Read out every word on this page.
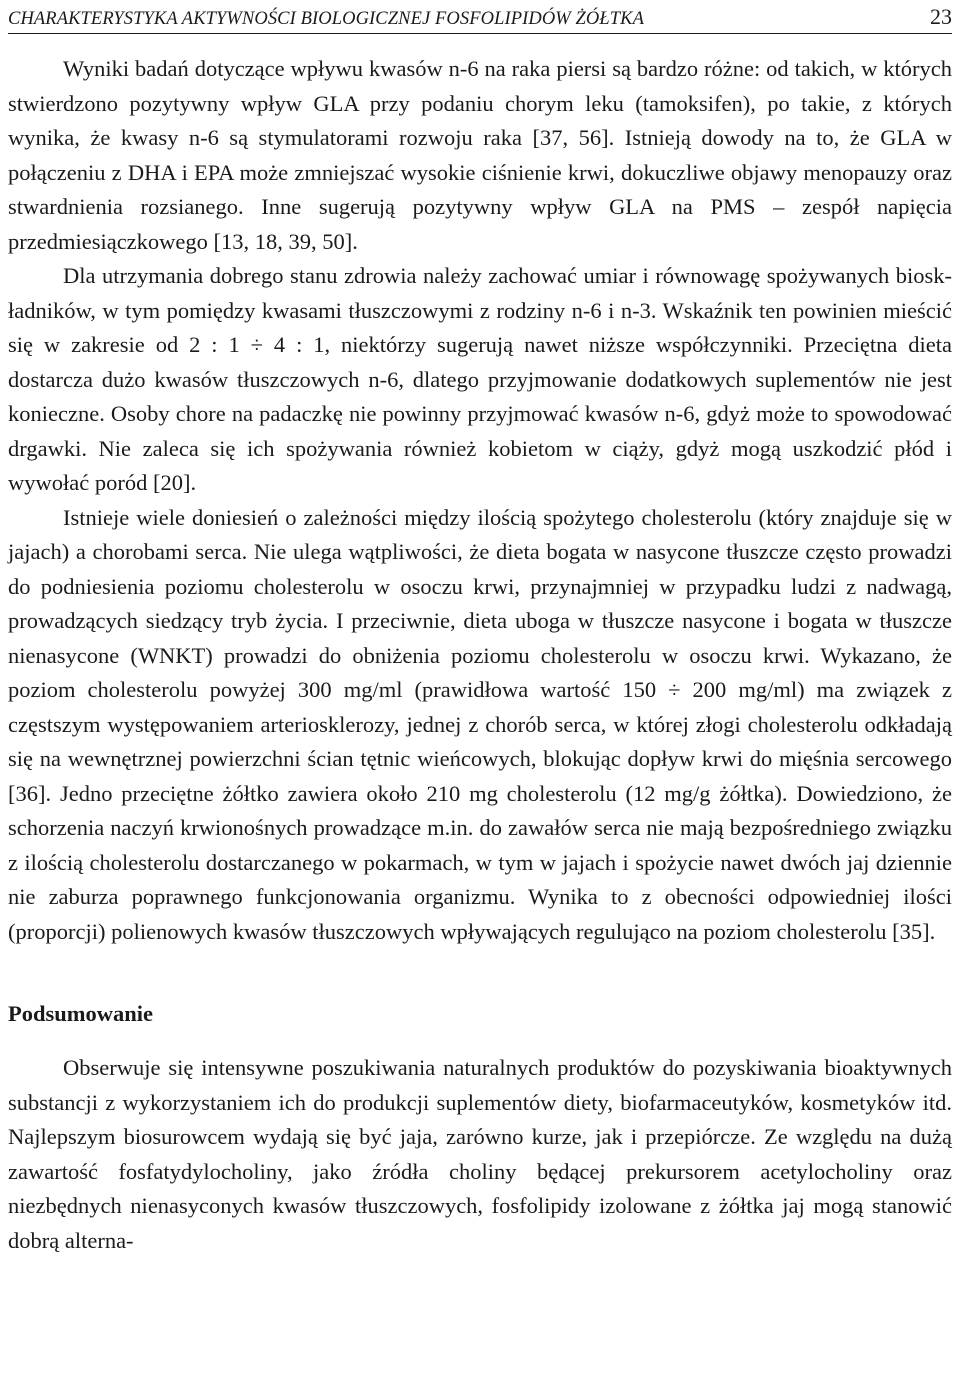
CHARAKTERYSTYKA AKTYWNOŚCI BIOLOGICZNEJ FOSFOLIPIDÓW ŻÓŁTKA	23

Wyniki badań dotyczące wpływu kwasów n-6 na raka piersi są bardzo różne: od takich, w których stwierdzono pozytywny wpływ GLA przy podaniu chorym leku (tamoksifen), po takie, z których wynika, że kwasy n-6 są stymulatorami rozwoju raka [37, 56]. Istnieją dowody na to, że GLA w połączeniu z DHA i EPA może zmniejszać wysokie ciśnienie krwi, dokuczliwe objawy menopauzy oraz stwardnienia rozsianego. Inne sugerują pozytywny wpływ GLA na PMS – zespół napięcia przedmiesiączkowego [13, 18, 39, 50].

Dla utrzymania dobrego stanu zdrowia należy zachować umiar i równowagę spożywanych bioskładników, w tym pomiędzy kwasami tłuszczowymi z rodziny n-6 i n-3. Wskaźnik ten powinien mieścić się w zakresie od 2 : 1 ÷ 4 : 1, niektórzy sugerują nawet niższe współczynniki. Przeciętna dieta dostarcza dużo kwasów tłuszczowych n-6, dlatego przyjmowanie dodatkowych suplementów nie jest konieczne. Osoby chore na padaczkę nie powinny przyjmować kwasów n-6, gdyż może to spowodować drgawki. Nie zaleca się ich spożywania również kobietom w ciąży, gdyż mogą uszkodzić płód i wywołać poród [20].

Istnieje wiele doniesień o zależności między ilością spożytego cholesterolu (który znajduje się w jajach) a chorobami serca. Nie ulega wątpliwości, że dieta bogata w nasycone tłuszcze często prowadzi do podniesienia poziomu cholesterolu w osoczu krwi, przynajmniej w przypadku ludzi z nadwagą, prowadzących siedzący tryb życia. I przeciwnie, dieta uboga w tłuszcze nasycone i bogata w tłuszcze nienasycone (WNKT) prowadzi do obniżenia poziomu cholesterolu w osoczu krwi. Wykazano, że poziom cholesterolu powyżej 300 mg/ml (prawidłowa wartość 150 ÷ 200 mg/ml) ma związek z częstszym występowaniem arteriosklerozy, jednej z chorób serca, w której złogi cholesterolu odkładają się na wewnętrznej powierzchni ścian tętnic wieńcowych, blokując dopływ krwi do mięśnia sercowego [36]. Jedno przeciętne żółtko zawiera około 210 mg cholesterolu (12 mg/g żółtka). Dowiedziono, że schorzenia naczyń krwionośnych prowadzące m.in. do zawałów serca nie mają bezpośredniego związku z ilością cholesterolu dostarczanego w pokarmach, w tym w jajach i spożycie nawet dwóch jaj dziennie nie zaburza poprawnego funkcjonowania organizmu. Wynika to z obecności odpowiedniej ilości (proporcji) polienowych kwasów tłuszczowych wpływających regulująco na poziom cholesterolu [35].

Podsumowanie

Obserwuje się intensywne poszukiwania naturalnych produktów do pozyskiwania bioaktywnych substancji z wykorzystaniem ich do produkcji suplementów diety, biofarmaceutyków, kosmetyków itd. Najlepszym biosurowcem wydają się być jaja, zarówno kurze, jak i przepiórcze. Ze względu na dużą zawartość fosfatydylocholiny, jako źródła choliny będącej prekursorem acetylocholiny oraz niezbędnych nienasyconych kwasów tłuszczowych, fosfolipidy izolowane z żółtka jaj mogą stanowić dobrą alterna-
